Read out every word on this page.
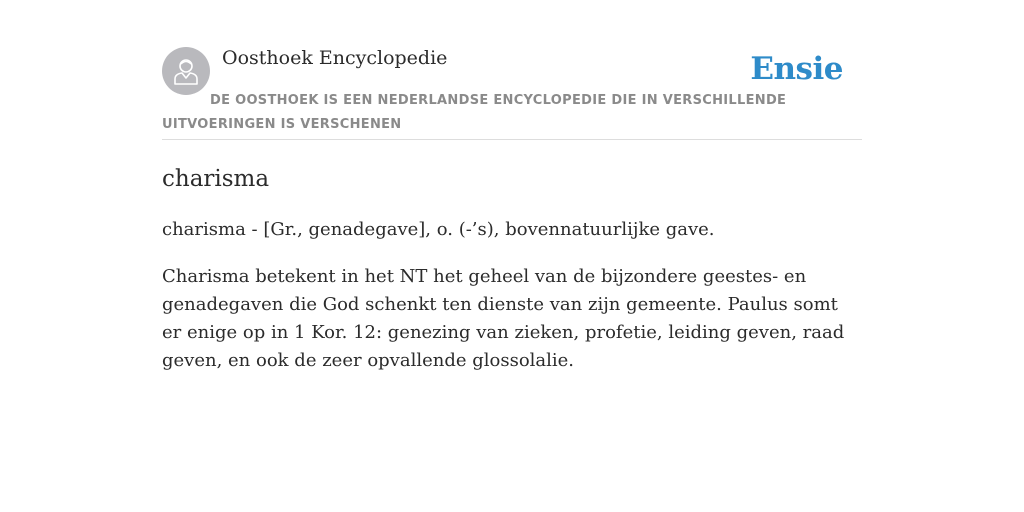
Oosthoek Encyclopedie	Ensie

DE OOSTHOEK IS EEN NEDERLANDSE ENCYCLOPEDIE DIE IN VERSCHILLENDE UITVOERINGEN IS VERSCHENEN

charisma

charisma - [Gr., genadegave], o. (-’s), bovennatuurlijke gave.

Charisma betekent in het NT het geheel van de bijzondere geestes- en genadegaven die God schenkt ten dienste van zijn gemeente. Paulus somt er enige op in 1 Kor. 12: genezing van zieken, profetie, leiding geven, raad geven, en ook de zeer opvallende glossolalie.
